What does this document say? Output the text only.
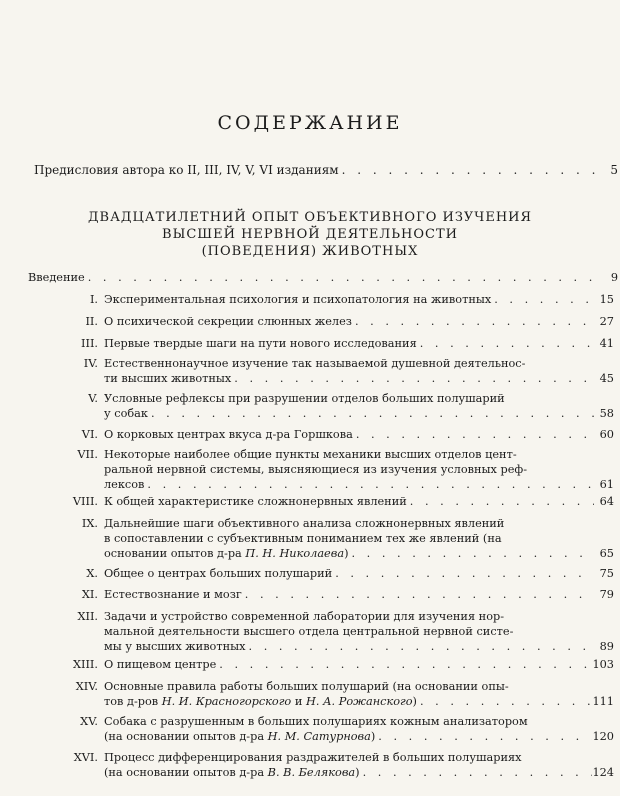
СОДЕРЖАНИЕ
Предисловия автора ко II, III, IV, V, VI изданиям . . .	5
ДВАДЦАТИЛЕТНИЙ ОПЫТ ОБЪЕКТИВНОГО ИЗУЧЕНИЯ
ВЫСШЕЙ НЕРВНОЙ ДЕЯТЕЛЬНОСТИ
(ПОВЕДЕНИЯ) ЖИВОТНЫХ
Введение . . .	9
I. Экспериментальная психология и психопатология на животных . . .	15
II. О психической секреции слюнных желез . . .	27
III. Первые твердые шаги на пути нового исследования . . .	41
IV. Естественнонаучное изучение так называемой душевной деятельнос-
ти высших животных . . .	45
V. Условные рефлексы при разрушении отделов больших полушарий
у собак . . .	58
VI. О корковых центрах вкуса д-ра Горшкова . . .	60
VII. Некоторые наиболее общие пункты механики высших отделов цент-
ральной нервной системы, выясняющиеся из изучения условных реф-
лексов . . .	61
VIII. К общей характеристике сложнонервных явлений . . .	64
IX. Дальнейшие шаги объективного анализа сложнонервных явлений
в сопоставлении с субъективным пониманием тех же явлений (на
основании опытов д-ра П. Н. Николаева) . . .	65
X. Общее о центрах больших полушарий . . .	75
XI. Естествознание и мозг . . .	79
XII. Задачи и устройство современной лаборатории для изучения нор-
мальной деятельности высшего отдела центральной нервной систе-
мы у высших животных . . .	89
XIII. О пищевом центре . . .	103
XIV. Основные правила работы больших полушарий (на основании опы-
тов д-ров Н. И. Красногорского и Н. А. Рожанского) . . .	111
XV. Собака с разрушенным в больших полушариях кожным анализатором
(на основании опытов д-ра Н. М. Сатурнова) . . .	120
XVI. Процесс дифференцирования раздражителей в больших полушариях
(на основании опытов д-ра В. В. Белякова) . . .	124
